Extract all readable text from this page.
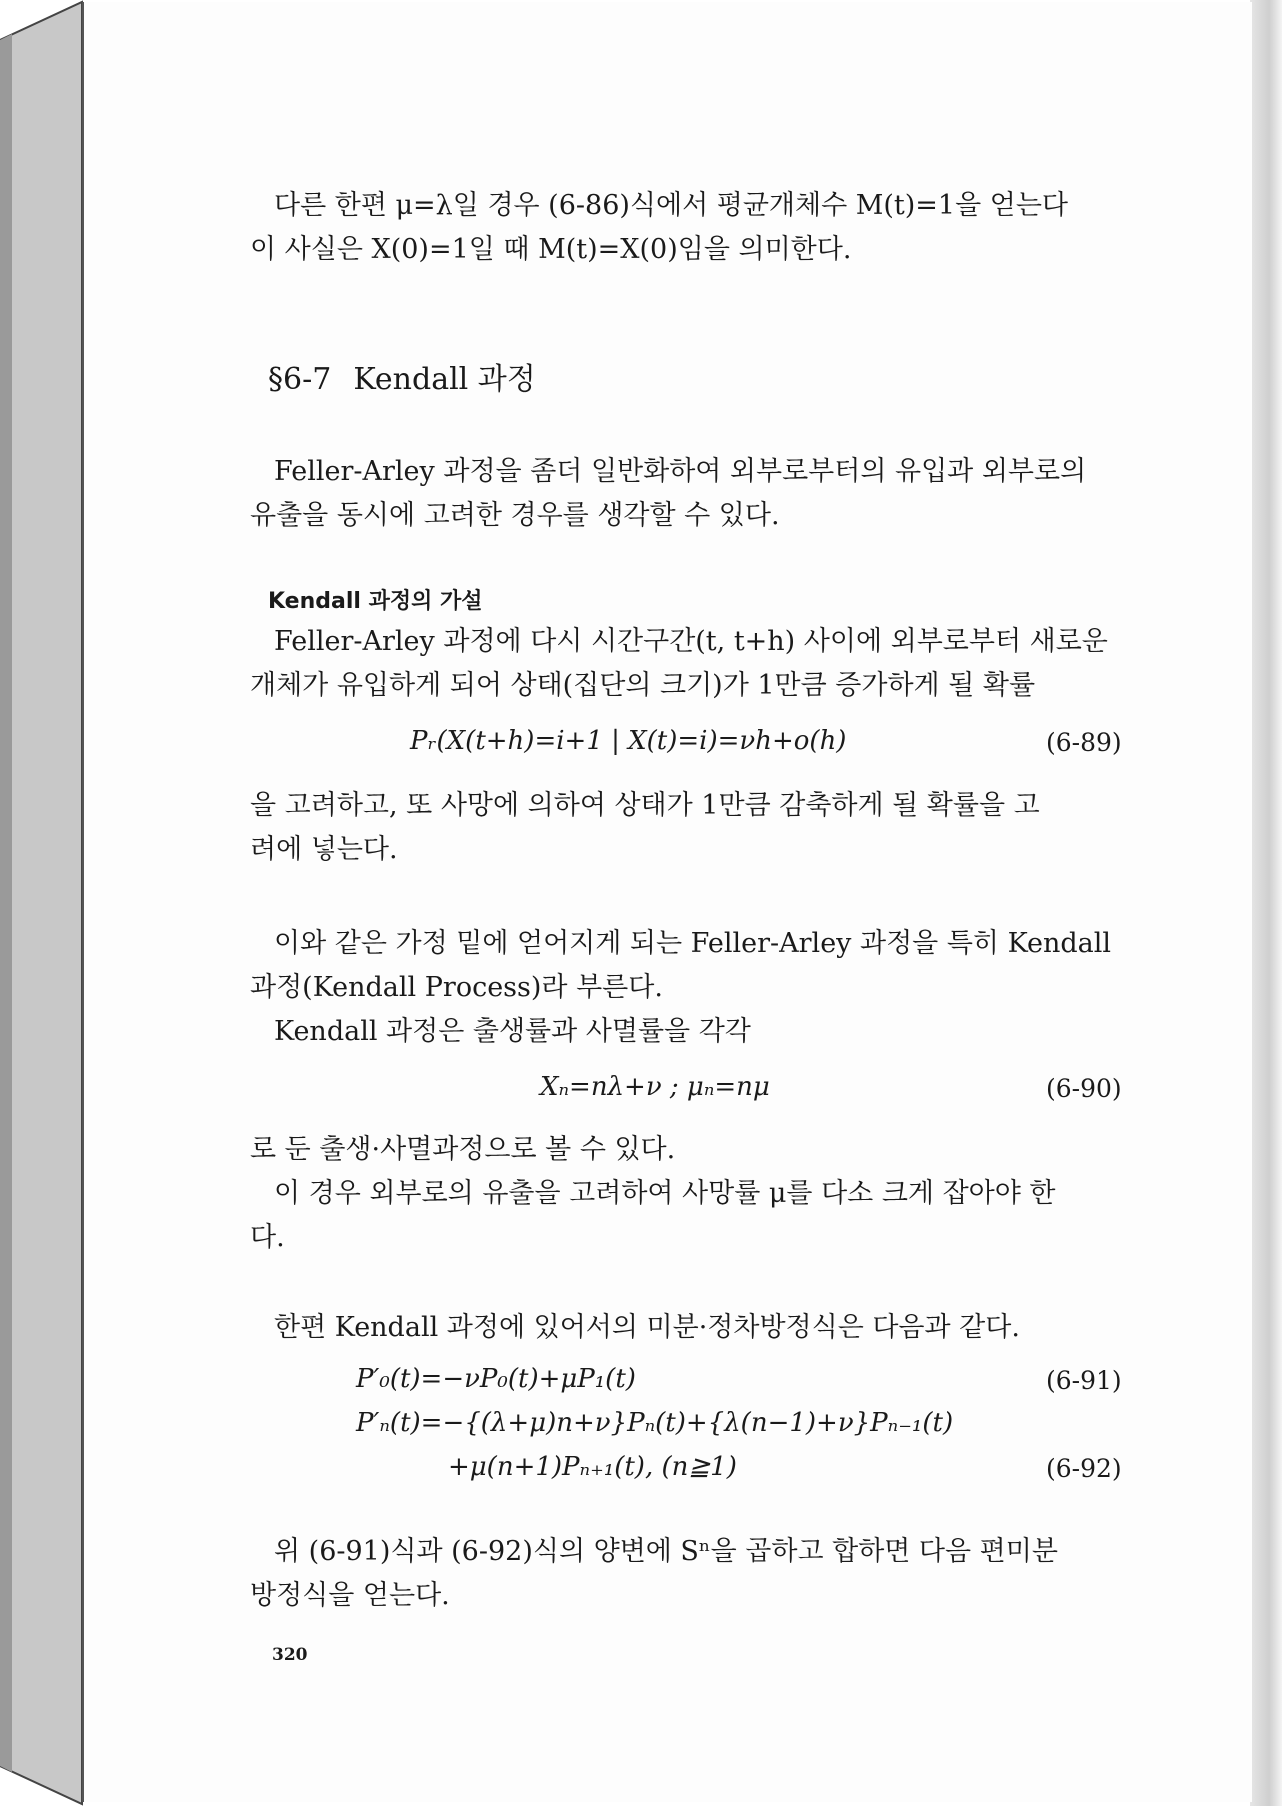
다른 한편 μ=λ일 경우 (6-86)식에서 평균개체수 M(t)=1을 얻는다
이 사실은 X(0)=1일 때 M(t)=X(0)임을 의미한다.
§6-7 Kendall 과정
Feller-Arley 과정을 좀더 일반화하여 외부로부터의 유입과 외부로의
유출을 동시에 고려한 경우를 생각할 수 있다.
Kendall 과정의 가설
Feller-Arley 과정에 다시 시간구간(t, t+h) 사이에 외부로부터 새로운
개체가 유입하게 되어 상태(집단의 크기)가 1만큼 증가하게 될 확률
Pᵣ(X(t+h)=i+1 | X(t)=i)=νh+o(h)	(6-89)
을 고려하고, 또 사망에 의하여 상태가 1만큼 감축하게 될 확률을 고
려에 넣는다.
이와 같은 가정 밑에 얻어지게 되는 Feller-Arley 과정을 특히 Kendall
과정(Kendall Process)라 부른다.
Kendall 과정은 출생률과 사멸률을 각각
Xₙ=nλ+ν ; μₙ=nμ	(6-90)
로 둔 출생·사멸과정으로 볼 수 있다.
이 경우 외부로의 유출을 고려하여 사망률 μ를 다소 크게 잡아야 한
다.
한편 Kendall 과정에 있어서의 미분·정차방정식은 다음과 같다.
P′₀(t)=−νP₀(t)+μP₁(t)	(6-91)
P′ₙ(t)=−{(λ+μ)n+ν}Pₙ(t)+{λ(n−1)+ν}Pₙ₋₁(t)
+μ(n+1)Pₙ₊₁(t), (n≧1)	(6-92)
위 (6-91)식과 (6-92)식의 양변에 Sⁿ을 곱하고 합하면 다음 편미분
방정식을 얻는다.
320
